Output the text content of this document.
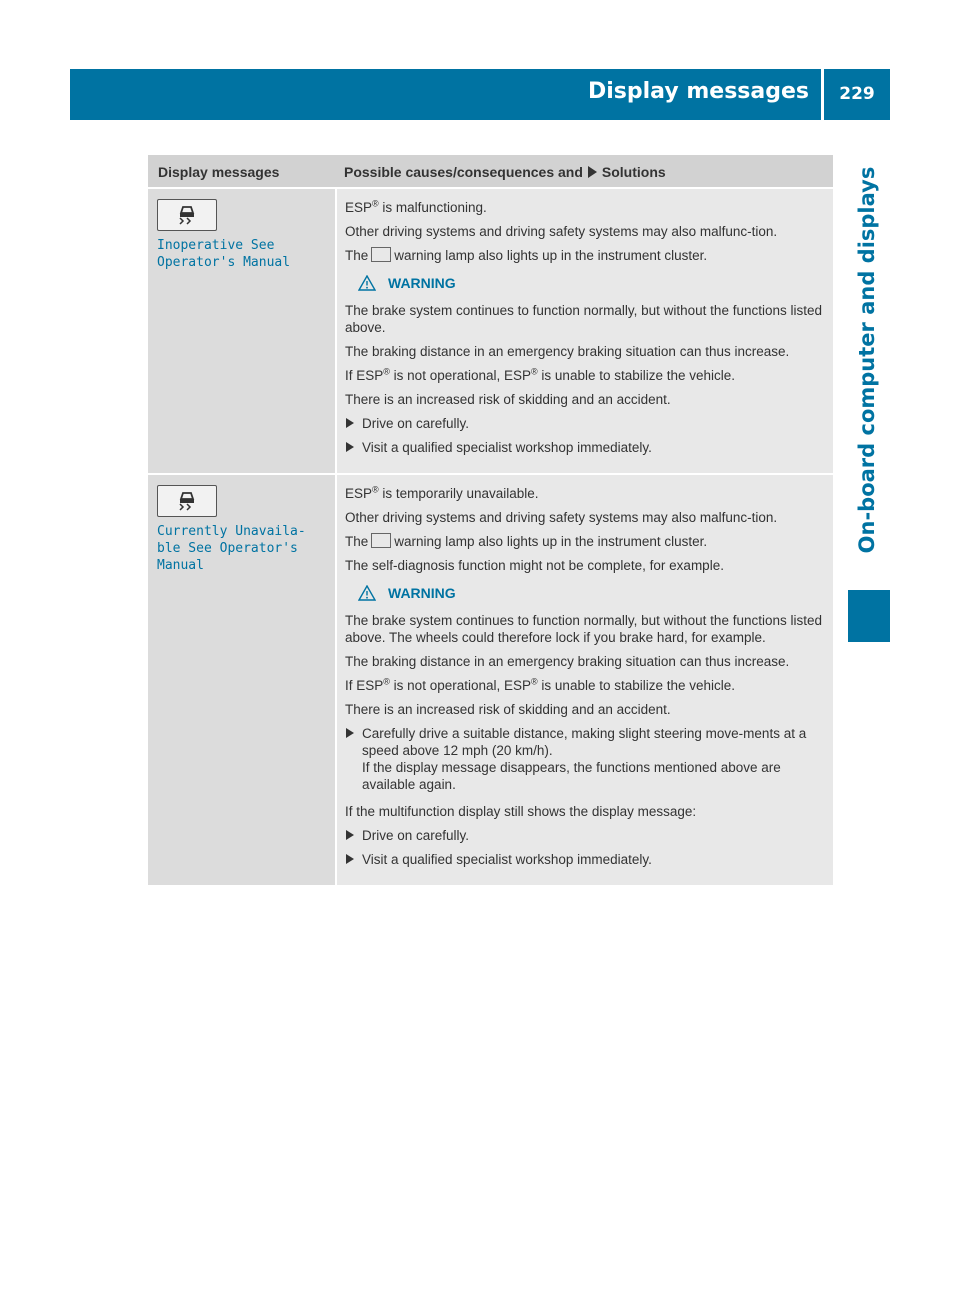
Display messages	229
On-board computer and displays
Display messages	Possible causes/consequences and Solutions
Inoperative See
Operator's Manual

ESP® is malfunctioning.

Other driving systems and driving safety systems may also malfunc-tion.

The warning lamp also lights up in the instrument cluster.

WARNING

The brake system continues to function normally, but without the functions listed above.

The braking distance in an emergency braking situation can thus increase.

If ESP® is not operational, ESP® is unable to stabilize the vehicle.

There is an increased risk of skidding and an accident.

Drive on carefully.
Visit a qualified specialist workshop immediately.
Currently Unavaila-
ble See Operator's
Manual

ESP® is temporarily unavailable.

Other driving systems and driving safety systems may also malfunc-tion.

The warning lamp also lights up in the instrument cluster.

The self-diagnosis function might not be complete, for example.

WARNING

The brake system continues to function normally, but without the functions listed above. The wheels could therefore lock if you brake hard, for example.

The braking distance in an emergency braking situation can thus increase.

If ESP® is not operational, ESP® is unable to stabilize the vehicle.

There is an increased risk of skidding and an accident.

Carefully drive a suitable distance, making slight steering move-ments at a speed above 12 mph (20 km/h).
If the display message disappears, the functions mentioned above are available again.

If the multifunction display still shows the display message:

Drive on carefully.
Visit a qualified specialist workshop immediately.
